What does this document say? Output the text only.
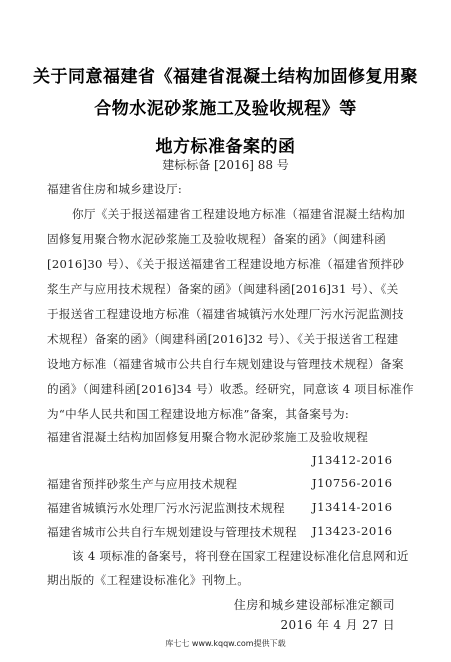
关于同意福建省《福建省混凝土结构加固修复用聚
合物水泥砂浆施工及验收规程》等
地方标准备案的函
建标标备 [2016] 88 号
福建省住房和城乡建设厅:
你厅《关于报送福建省工程建设地方标准（福建省混凝土结构加
固修复用聚合物水泥砂浆施工及验收规程）备案的函》（闽建科函
[2016]30 号）、《关于报送福建省工程建设地方标准（福建省预拌砂
浆生产与应用技术规程）备案的函》（闽建科函[2016]31 号）、《关
于报送省工程建设地方标准（福建省城镇污水处理厂污水污泥监测技
术规程）备案的函》（闽建科函[2016]32 号）、《关于报送省工程建
设地方标准（福建省城市公共自行车规划建设与管理技术规程）备案
的函》（闽建科函[2016]34 号）收悉。经研究，同意该 4 项目标准作
为“中华人民共和国工程建设地方标准”备案，其备案号为:
福建省混凝土结构加固修复用聚合物水泥砂浆施工及验收规程
J13412-2016
福建省预拌砂浆生产与应用技术规程	J10756-2016
福建省城镇污水处理厂污水污泥监测技术规程 J13414-2016
福建省城市公共自行车规划建设与管理技术规程 J13423-2016
该 4 项标准的备案号，将刊登在国家工程建设标准化信息网和近
期出版的《工程建设标准化》刊物上。
住房和城乡建设部标准定额司
2016 年 4 月 27 日
库七七 www.kqqw.com提供下载
